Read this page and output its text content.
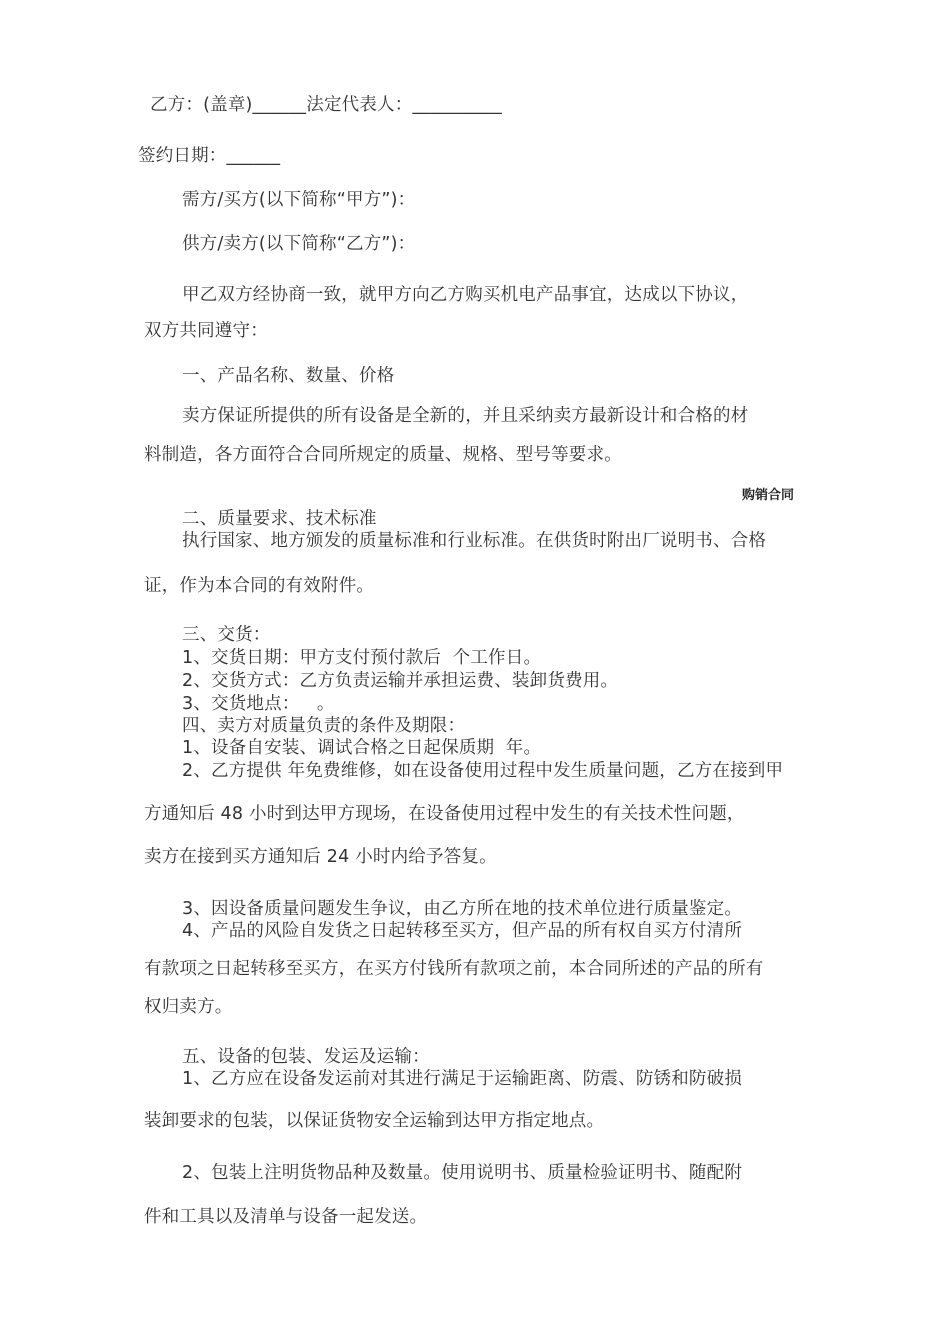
购销合同
乙方：(盖章)______法定代表人：__________
签约日期：______
需方/买方(以下简称“甲方”)：
供方/卖方(以下简称“乙方”)：
甲乙双方经协商一致，就甲方向乙方购买机电产品事宜，达成以下协议，
双方共同遵守：
一、产品名称、数量、价格
卖方保证所提供的所有设备是全新的，并且采纳卖方最新设计和合格的材
料制造，各方面符合合同所规定的质量、规格、型号等要求。
二、质量要求、技术标准
执行国家、地方颁发的质量标准和行业标准。在供货时附出厂说明书、合格
证，作为本合同的有效附件。
三、交货：
1、交货日期：甲方支付预付款后  个工作日。
2、交货方式：乙方负责运输并承担运费、装卸货费用。
3、交货地点：   。
四、卖方对质量负责的条件及期限：
1、设备自安装、调试合格之日起保质期  年。
2、乙方提供 年免费维修，如在设备使用过程中发生质量问题，乙方在接到甲
方通知后 48 小时到达甲方现场，在设备使用过程中发生的有关技术性问题，
卖方在接到买方通知后 24 小时内给予答复。
3、因设备质量问题发生争议，由乙方所在地的技术单位进行质量鉴定。
4、产品的风险自发货之日起转移至买方，但产品的所有权自买方付清所
有款项之日起转移至买方，在买方付钱所有款项之前，本合同所述的产品的所有
权归卖方。
五、设备的包装、发运及运输：
1、乙方应在设备发运前对其进行满足于运输距离、防震、防锈和防破损
装卸要求的包装，以保证货物安全运输到达甲方指定地点。
2、包装上注明货物品种及数量。使用说明书、质量检验证明书、随配附
件和工具以及清单与设备一起发送。
